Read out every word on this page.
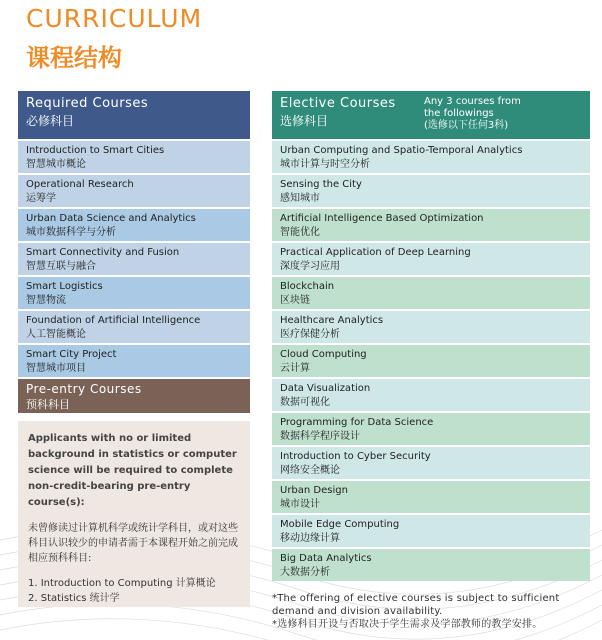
CURRICULUM
课程结构
Required Courses
必修科目
Introduction to Smart Cities
智慧城市概论
Operational Research
运筹学
Urban Data Science and Analytics
城市数据科学与分析
Smart Connectivity and Fusion
智慧互联与融合
Smart Logistics
智慧物流
Foundation of Artificial Intelligence
人工智能概论
Smart City Project
智慧城市项目
Pre-entry Courses
预科科目

Applicants with no or limited background in statistics or computer science will be required to complete non-credit-bearing pre-entry course(s):

未曾修读过计算机科学或统计学科目，或对这些科目认识较少的申请者需于本课程开始之前完成相应预科科目:

1. Introduction to Computing 计算概论
2. Statistics 统计学
Elective Courses
选修科目
Any 3 courses from
the followings
(选修以下任何3科)
Urban Computing and Spatio-Temporal Analytics
城市计算与时空分析
Sensing the City
感知城市
Artificial Intelligence Based Optimization
智能优化
Practical Application of Deep Learning
深度学习应用
Blockchain
区块链
Healthcare Analytics
医疗保健分析
Cloud Computing
云计算
Data Visualization
数据可视化
Programming for Data Science
数据科学程序设计
Introduction to Cyber Security
网络安全概论
Urban Design
城市设计
Mobile Edge Computing
移动边缘计算
Big Data Analytics
大数据分析
*The offering of elective courses is subject to sufficient demand and division availability.
*选修科目开设与否取决于学生需求及学部教师的教学安排。
